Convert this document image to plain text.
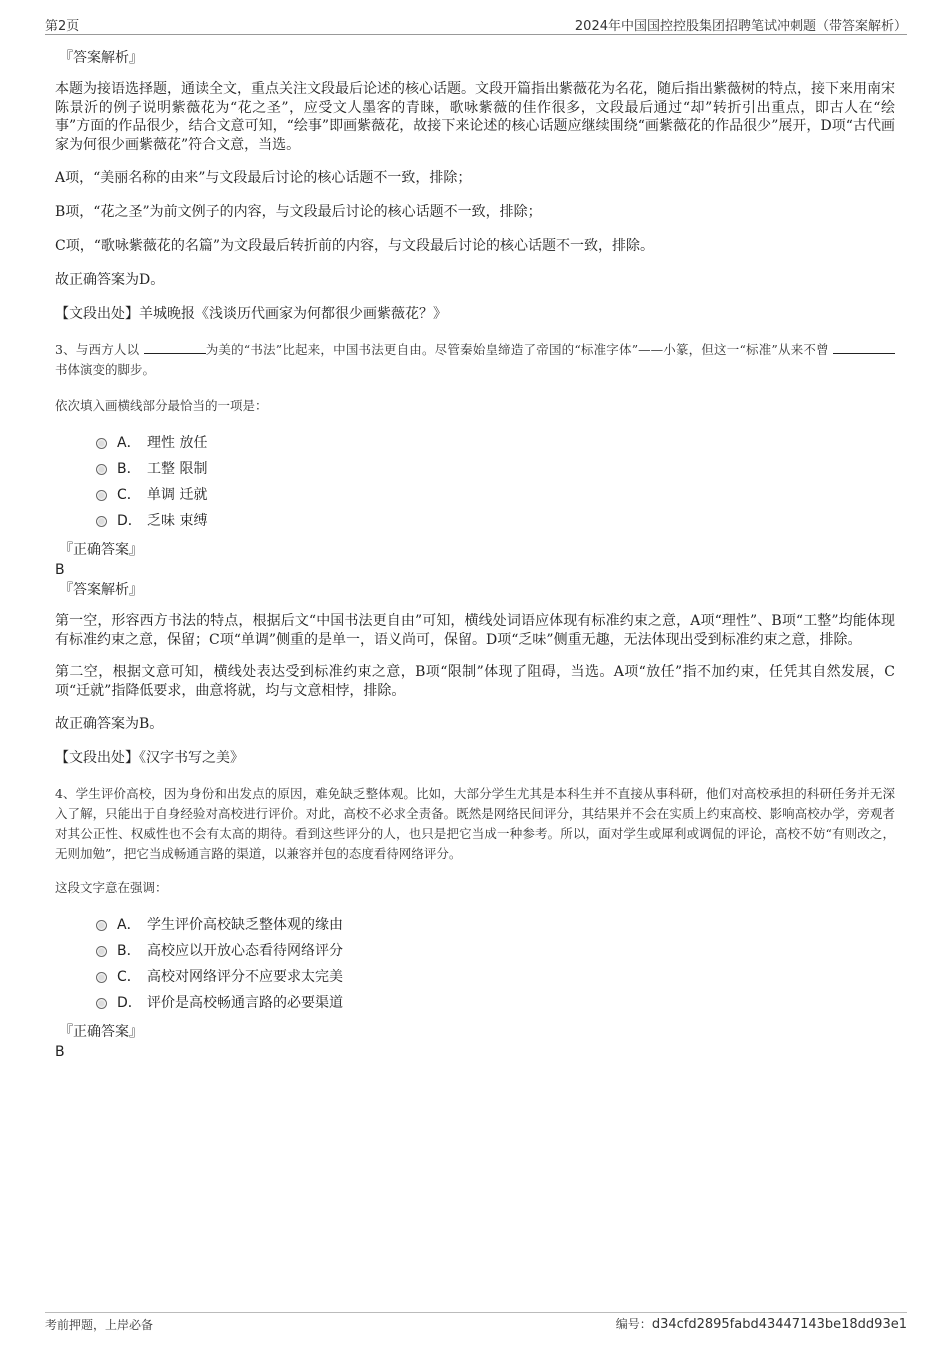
第2页	2024年中国国控控股集团招聘笔试冲刺题（带答案解析）
『答案解析』
本题为接语选择题，通读全文，重点关注文段最后论述的核心话题。文段开篇指出紫薇花为名花，随后指出紫薇树的特点，接下来用南宋陈景沂的例子说明紫薇花为“花之圣”，应受文人墨客的青睐，歌咏紫薇的佳作很多，文段最后通过“却”转折引出重点，即古人在“绘事”方面的作品很少，结合文意可知，“绘事”即画紫薇花，故接下来论述的核心话题应继续围绕“画紫薇花的作品很少”展开，D项“古代画家为何很少画紫薇花”符合文意，当选。
A项，“美丽名称的由来”与文段最后讨论的核心话题不一致，排除；
B项，“花之圣”为前文例子的内容，与文段最后讨论的核心话题不一致，排除；
C项，“歌咏紫薇花的名篇”为文段最后转折前的内容，与文段最后讨论的核心话题不一致，排除。
故正确答案为D。
【文段出处】羊城晚报《浅谈历代画家为何都很少画紫薇花？》
3、与西方人以	为美的“书法”比起来，中国书法更自由。尽管秦始皇缔造了帝国的“标准字体”——小篆，但这一“标准”从来不曾 书体演变的脚步。
依次填入画横线部分最恰当的一项是：
A． 理性 放任
B． 工整 限制
C． 单调 迁就
D． 乏味 束缚
『正确答案』
B
『答案解析』
第一空，形容西方书法的特点，根据后文“中国书法更自由”可知，横线处词语应体现有标准约束之意，A项“理性”、B项“工整”均能体现有标准约束之意，保留；C项“单调”侧重的是单一，语义尚可，保留。D项“乏味”侧重无趣，无法体现出受到标准约束之意，排除。
第二空，根据文意可知，横线处表达受到标准约束之意，B项“限制”体现了阻碍，当选。A项“放任”指不加约束，任凭其自然发展，C项“迁就”指降低要求，曲意将就，均与文意相悖，排除。
故正确答案为B。
【文段出处】《汉字书写之美》
4、学生评价高校，因为身份和出发点的原因，难免缺乏整体观。比如，大部分学生尤其是本科生并不直接从事科研，他们对高校承担的科研任务并无深入了解，只能出于自身经验对高校进行评价。对此，高校不必求全责备。既然是网络民间评分，其结果并不会在实质上约束高校、影响高校办学，旁观者对其公正性、权威性也不会有太高的期待。看到这些评分的人，也只是把它当成一种参考。所以，面对学生或犀利或调侃的评论，高校不妨“有则改之，无则加勉”，把它当成畅通言路的渠道，以兼容并包的态度看待网络评分。
这段文字意在强调：
A． 学生评价高校缺乏整体观的缘由
B． 高校应以开放心态看待网络评分
C． 高校对网络评分不应要求太完美
D． 评价是高校畅通言路的必要渠道
『正确答案』
B
考前押题，上岸必备	编号：d34cfd2895fabd43447143be18dd93e1
